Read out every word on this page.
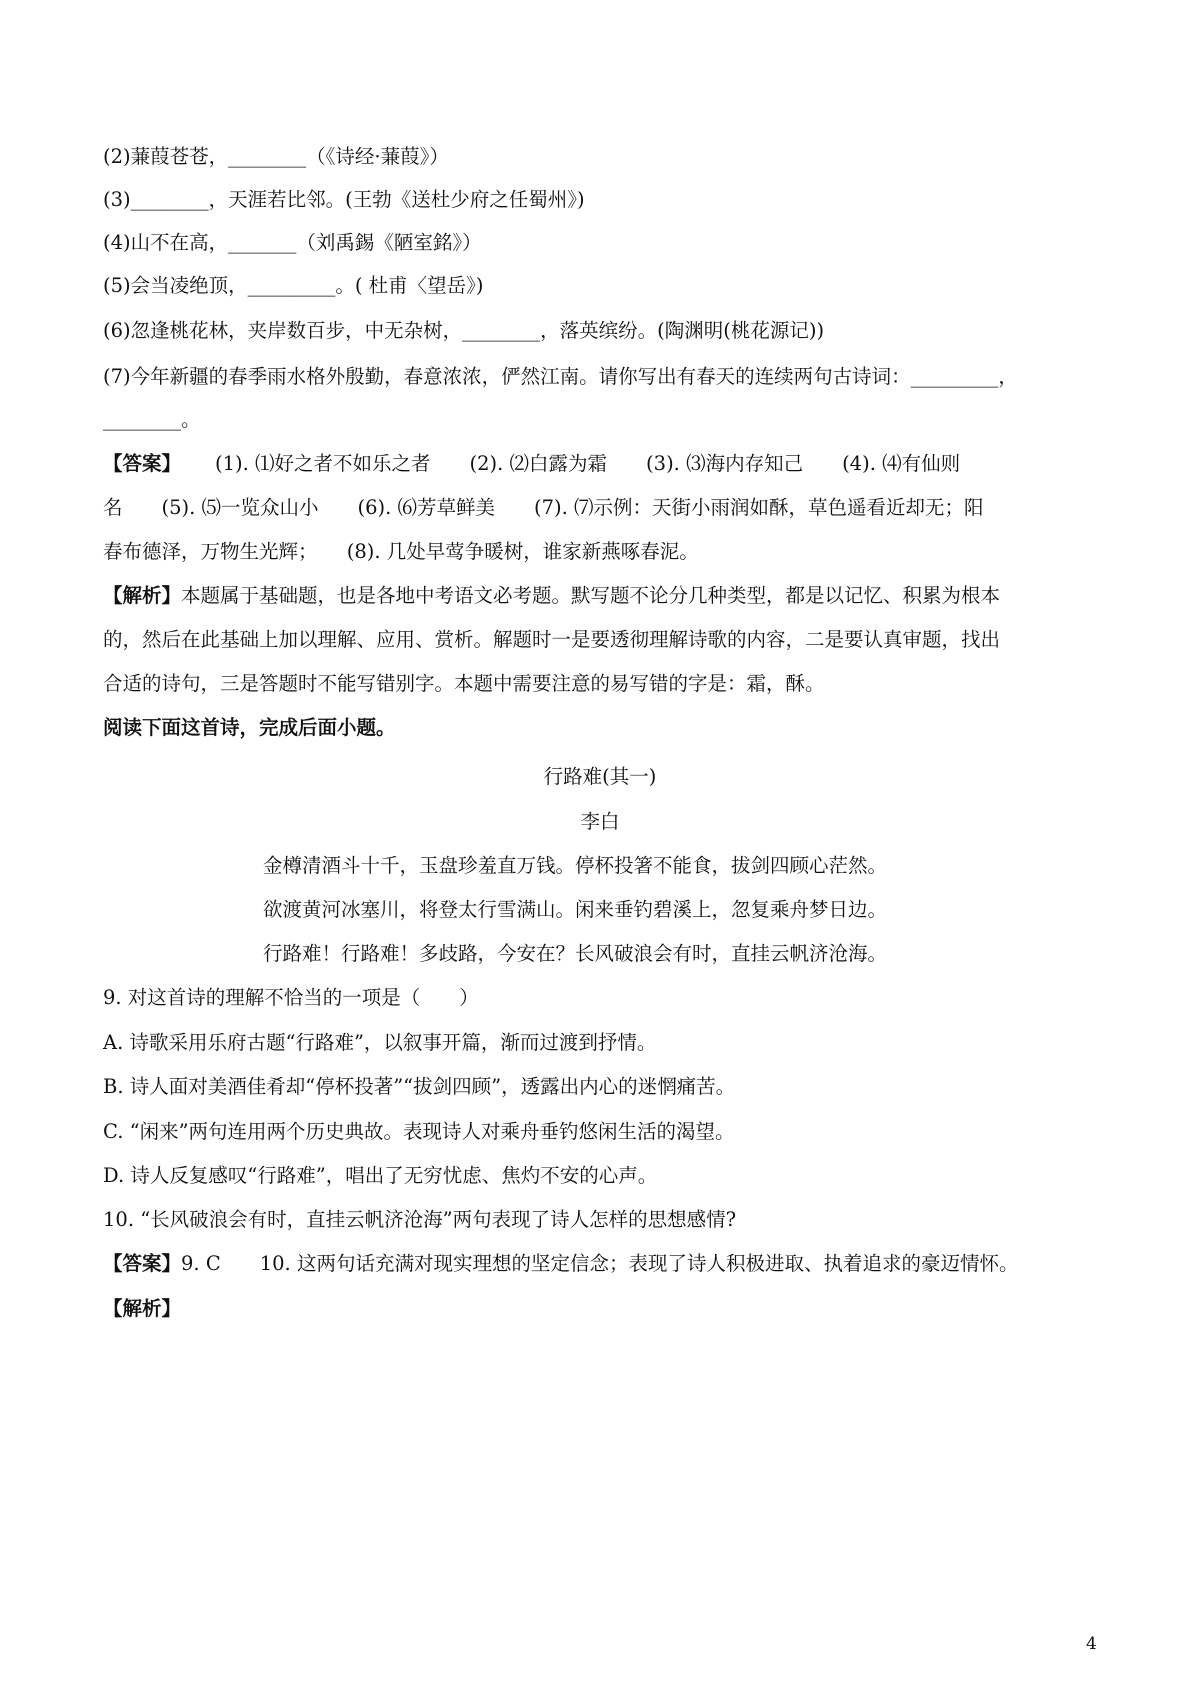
(2)蒹葭苍苍，________（《诗经·蒹葭》）
(3)________，天涯若比邻。(王勃《送杜少府之任蜀州》)
(4)山不在高，_______（刘禹錫《陋室銘》）
(5)会当凌绝顶，_________。( 杜甫〈望岳》)
(6)忽逢桃花林，夹岸数百步，中无杂树，________，落英缤纷。(陶渊明(桃花源记))
(7)今年新疆的春季雨水格外殷勤，春意浓浓，俨然江南。请你写出有春天的连续两句古诗词：_________，
________。
【答案】 (1). ⑴好之者不如乐之者　　(2). ⑵白露为霜　　(3). ⑶海内存知己　　(4). ⑷有仙则
名　　(5). ⑸一览众山小　　(6). ⑹芳草鲜美　　(7). ⑺示例：天街小雨润如酥，草色遥看近却无；阳
春布德泽，万物生光辉；　　(8). 几处早莺争暖树，谁家新燕啄春泥。
【解析】本题属于基础题，也是各地中考语文必考题。默写题不论分几种类型，都是以记忆、积累为根本
的，然后在此基础上加以理解、应用、赏析。解题时一是要透彻理解诗歌的内容，二是要认真审题，找出
合适的诗句，三是答题时不能写错别字。本题中需要注意的易写错的字是：霜，酥。
阅读下面这首诗，完成后面小题。
行路难(其一)
李白
金樽清酒斗十千，玉盘珍羞直万钱。停杯投箸不能食，拔剑四顾心茫然。
欲渡黄河冰塞川，将登太行雪满山。闲来垂钓碧溪上，忽复乘舟梦日边。
行路难！行路难！多歧路，今安在？长风破浪会有时，直挂云帆济沧海。
9. 对这首诗的理解不恰当的一项是（　　）
A. 诗歌采用乐府古题“行路难”，以叙事开篇，渐而过渡到抒情。
B. 诗人面对美酒佳肴却“停杯投著”“拔剑四顾”，透露出内心的迷惘痛苦。
C. “闲来”两句连用两个历史典故。表现诗人对乘舟垂钓悠闲生活的渴望。
D. 诗人反复感叹“行路难”，唱出了无穷忧虑、焦灼不安的心声。
10. “长风破浪会有时，直挂云帆济沧海”两句表现了诗人怎样的思想感情?
【答案】9. C　　10. 这两句话充满对现实理想的坚定信念；表现了诗人积极进取、执着追求的豪迈情怀。
【解析】
4
